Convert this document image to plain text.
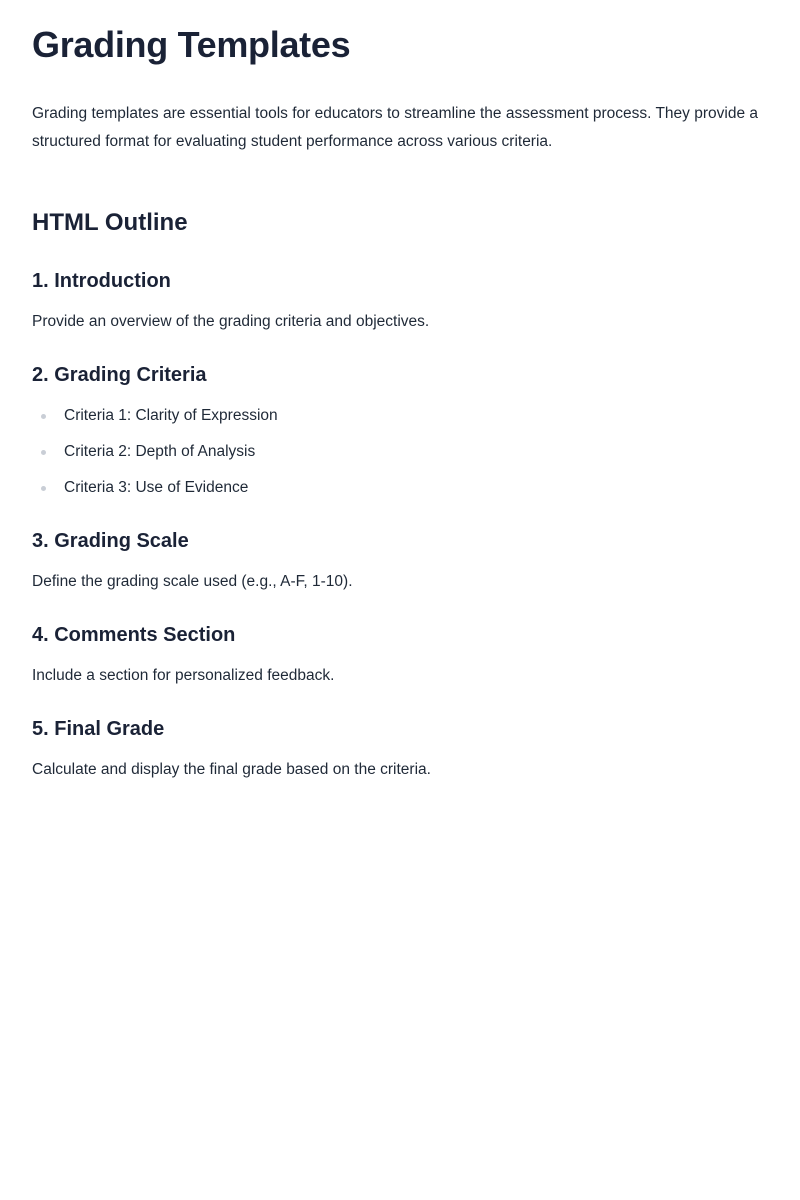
Grading Templates

Grading templates are essential tools for educators to streamline the assessment process. They provide a structured format for evaluating student performance across various criteria.

HTML Outline
1. Introduction

Provide an overview of the grading criteria and objectives.

2. Grading Criteria
Criteria 1: Clarity of Expression
Criteria 2: Depth of Analysis
Criteria 3: Use of Evidence
3. Grading Scale

Define the grading scale used (e.g., A-F, 1-10).

4. Comments Section

Include a section for personalized feedback.

5. Final Grade

Calculate and display the final grade based on the criteria.
